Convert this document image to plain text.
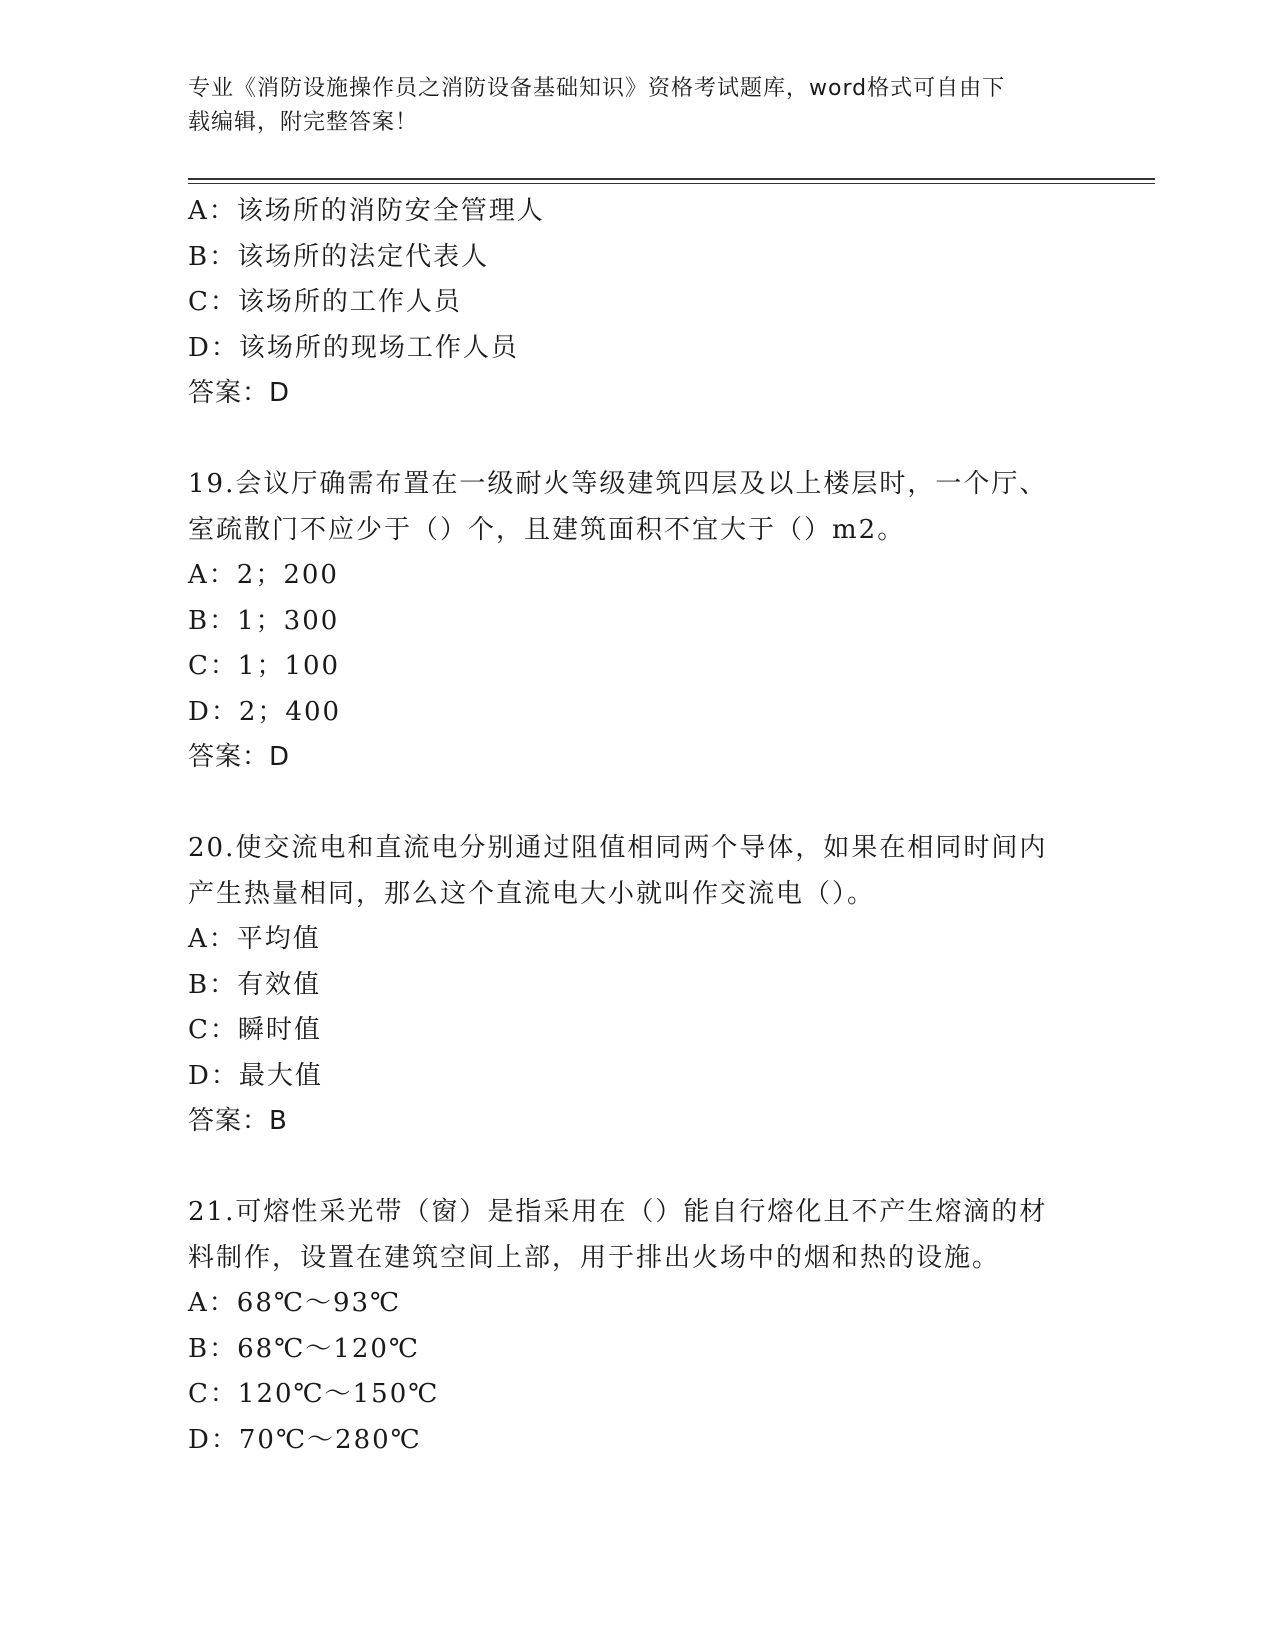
专业《消防设施操作员之消防设备基础知识》资格考试题库，word格式可自由下
载编辑，附完整答案！
A：该场所的消防安全管理人
B：该场所的法定代表人
C：该场所的工作人员
D：该场所的现场工作人员
答案：D
19.会议厅确需布置在一级耐火等级建筑四层及以上楼层时，一个厅、
室疏散门不应少于（）个，且建筑面积不宜大于（）m2。
A：2；200
B：1；300
C：1；100
D：2；400
答案：D
20.使交流电和直流电分别通过阻值相同两个导体，如果在相同时间内
产生热量相同，那么这个直流电大小就叫作交流电（）。
A：平均值
B：有效值
C：瞬时值
D：最大值
答案：B
21.可熔性采光带（窗）是指采用在（）能自行熔化且不产生熔滴的材
料制作，设置在建筑空间上部，用于排出火场中的烟和热的设施。
A：68℃～93℃
B：68℃～120℃
C：120℃～150℃
D：70℃～280℃
